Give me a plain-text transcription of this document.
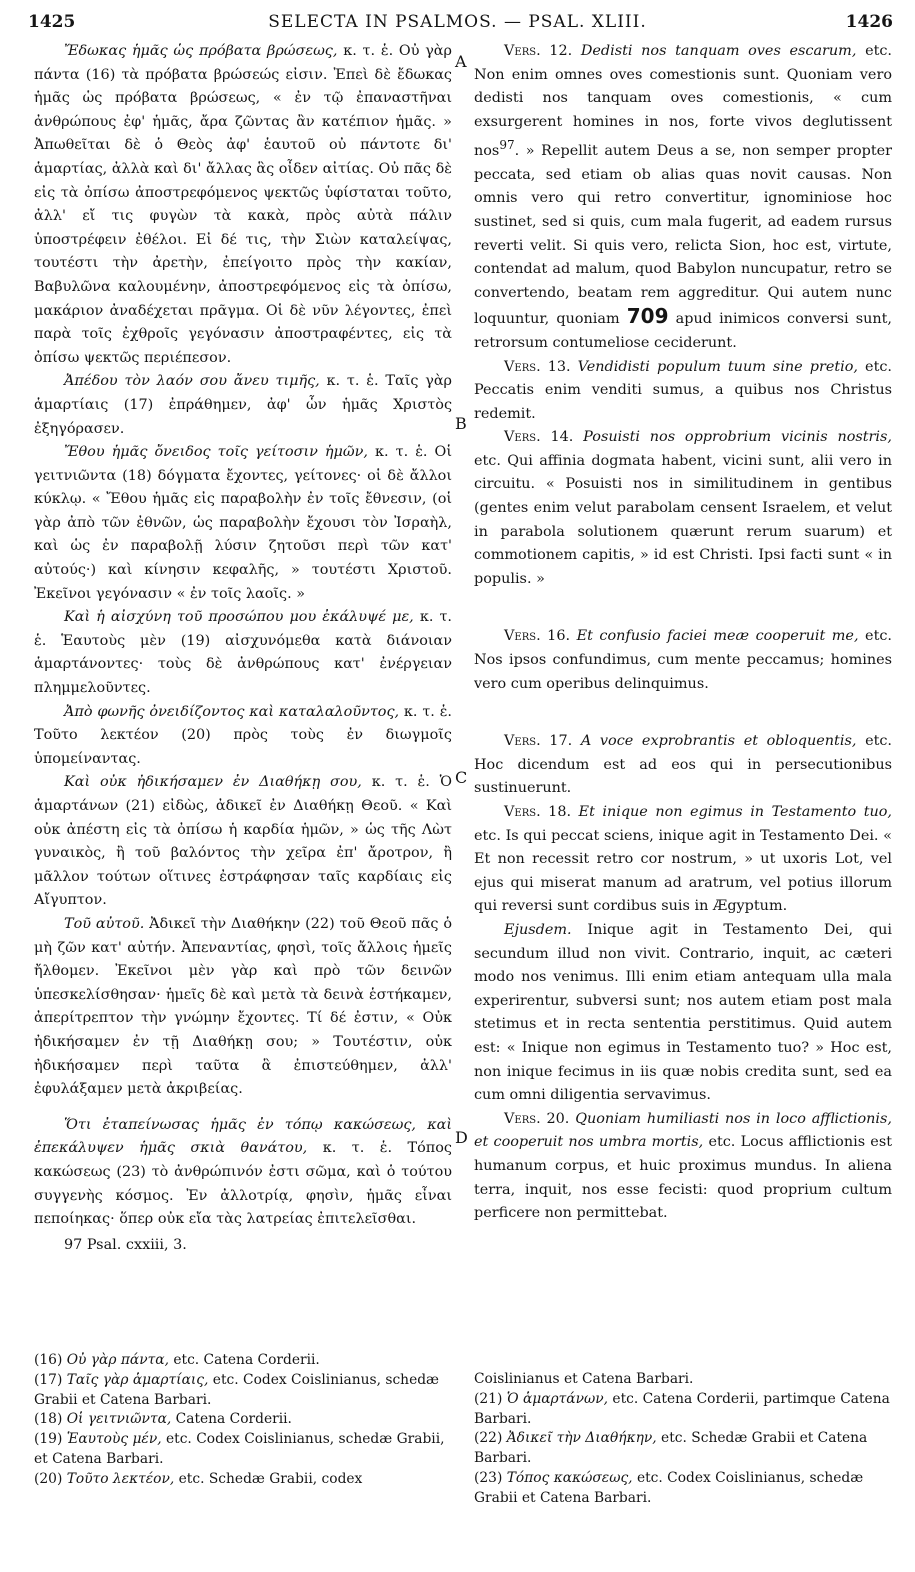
1425	SELECTA IN PSALMOS. — PSAL. XLIII.	1426
A
B
C
D

Ἔδωκας ἡμᾶς ὡς πρόβατα βρώσεως, κ. τ. ἑ. Οὐ γὰρ πάντα (16) τὰ πρόβατα βρώσεώς εἰσιν. Ἐπεὶ δὲ ἔδωκας ἡμᾶς ὡς πρόβατα βρώσεως, « ἐν τῷ ἐπαναστῆναι ἀνθρώπους ἐφ' ἡμᾶς, ἄρα ζῶντας ἂν κατέπιον ἡμᾶς. » Ἀπωθεῖται δὲ ὁ Θεὸς ἀφ' ἑαυτοῦ οὐ πάντοτε δι' ἁμαρτίας, ἀλλὰ καὶ δι' ἄλλας ἃς οἶδεν αἰτίας. Οὐ πᾶς δὲ εἰς τὰ ὀπίσω ἀποστρεφόμενος ψεκτῶς ὑφίσταται τοῦτο, ἀλλ' εἴ τις φυγὼν τὰ κακὰ, πρὸς αὐτὰ πάλιν ὑποστρέφειν ἐθέλοι. Εἰ δέ τις, τὴν Σιὼν καταλείψας, τουτέστι τὴν ἀρετὴν, ἐπείγοιτο πρὸς τὴν κακίαν, Βαβυλῶνα καλουμένην, ἀποστρεφόμενος εἰς τὰ ὀπίσω, μακάριον ἀναδέχεται πρᾶγμα. Οἱ δὲ νῦν λέγοντες, ἐπεὶ παρὰ τοῖς ἐχθροῖς γεγόνασιν ἀποστραφέντες, εἰς τὰ ὀπίσω ψεκτῶς περιέπεσον.

Ἀπέδου τὸν λαόν σου ἄνευ τιμῆς, κ. τ. ἑ. Ταῖς γὰρ ἁμαρτίαις (17) ἐπράθημεν, ἀφ' ὧν ἡμᾶς Χριστὸς ἐξηγόρασεν.

Ἔθου ἡμᾶς ὄνειδος τοῖς γείτοσιν ἡμῶν, κ. τ. ἑ. Οἱ γειτνιῶντα (18) δόγματα ἔχοντες, γείτονες· οἱ δὲ ἄλλοι κύκλῳ. « Ἔθου ἡμᾶς εἰς παραβολὴν ἐν τοῖς ἔθνεσιν, (οἱ γὰρ ἀπὸ τῶν ἐθνῶν, ὡς παραβολὴν ἔχουσι τὸν Ἰσραὴλ, καὶ ὡς ἐν παραβολῇ λύσιν ζητοῦσι περὶ τῶν κατ' αὐτούς·) καὶ κίνησιν κεφαλῆς, » τουτέστι Χριστοῦ. Ἐκεῖνοι γεγόνασιν « ἐν τοῖς λαοῖς. »

Καὶ ἡ αἰσχύνη τοῦ προσώπου μου ἐκάλυψέ με, κ. τ. ἑ. Ἑαυτοὺς μὲν (19) αἰσχυνόμεθα κατὰ διάνοιαν ἁμαρτάνοντες· τοὺς δὲ ἀνθρώπους κατ' ἐνέργειαν πλημμελοῦντες.

Ἀπὸ φωνῆς ὀνειδίζοντος καὶ καταλαλοῦντος, κ. τ. ἑ. Τοῦτο λεκτέον (20) πρὸς τοὺς ἐν διωγμοῖς ὑπομείναντας.

Καὶ οὐκ ἠδικήσαμεν ἐν Διαθήκῃ σου, κ. τ. ἑ. Ὁ ἁμαρτάνων (21) εἰδὼς, ἀδικεῖ ἐν Διαθήκῃ Θεοῦ. « Καὶ οὐκ ἀπέστη εἰς τὰ ὀπίσω ἡ καρδία ἡμῶν, » ὡς τῆς Λὼτ γυναικὸς, ἢ τοῦ βαλόντος τὴν χεῖρα ἐπ' ἄροτρον, ἢ μᾶλλον τούτων οἵτινες ἐστράφησαν ταῖς καρδίαις εἰς Αἴγυπτον.

Τοῦ αὐτοῦ. Ἀδικεῖ τὴν Διαθήκην (22) τοῦ Θεοῦ πᾶς ὁ μὴ ζῶν κατ' αὐτήν. Ἀπεναντίας, φησὶ, τοῖς ἄλλοις ἡμεῖς ἤλθομεν. Ἐκεῖνοι μὲν γὰρ καὶ πρὸ τῶν δεινῶν ὑπεσκελίσθησαν· ἡμεῖς δὲ καὶ μετὰ τὰ δεινὰ ἑστήκαμεν, ἀπερίτρεπτον τὴν γνώμην ἔχοντες. Τί δέ ἐστιν, « Οὐκ ἠδικήσαμεν ἐν τῇ Διαθήκῃ σου; » Τουτέστιν, οὐκ ἠδικήσαμεν περὶ ταῦτα ἃ ἐπιστεύθημεν, ἀλλ' ἐφυλάξαμεν μετὰ ἀκριβείας.

Ὅτι ἐταπείνωσας ἡμᾶς ἐν τόπῳ κακώσεως, καὶ ἐπεκάλυψεν ἡμᾶς σκιὰ θανάτου, κ. τ. ἑ. Τόπος κακώσεως (23) τὸ ἀνθρώπινόν ἐστι σῶμα, καὶ ὁ τούτου συγγενὴς κόσμος. Ἐν ἀλλοτρίᾳ, φησὶν, ἡμᾶς εἶναι πεποίηκας· ὅπερ οὐκ εἴα τὰς λατρείας ἐπιτελεῖσθαι.

97 Psal. cxxiii, 3.

Vers. 12. Dedisti nos tanquam oves escarum, etc. Non enim omnes oves comestionis sunt. Quoniam vero dedisti nos tanquam oves comestionis, « cum exsurgerent homines in nos, forte vivos deglutissent nos$^{97}$. » Repellit autem Deus a se, non semper propter peccata, sed etiam ob alias quas novit causas. Non omnis vero qui retro convertitur, ignominiose hoc sustinet, sed si quis, cum mala fugerit, ad eadem rursus reverti velit. Si quis vero, relicta Sion, hoc est, virtute, contendat ad malum, quod Babylon nuncupatur, retro se convertendo, beatam rem aggreditur. Qui autem nunc loquuntur, quoniam 709 apud inimicos conversi sunt, retrorsum contumeliose ceciderunt.

Vers. 13. Vendidisti populum tuum sine pretio, etc. Peccatis enim venditi sumus, a quibus nos Christus redemit.

Vers. 14. Posuisti nos opprobrium vicinis nostris, etc. Qui affinia dogmata habent, vicini sunt, alii vero in circuitu. « Posuisti nos in similitudinem in gentibus (gentes enim velut parabolam censent Israelem, et velut in parabola solutionem quærunt rerum suarum) et commotionem capitis, » id est Christi. Ipsi facti sunt « in populis. »

Vers. 16. Et confusio faciei meæ cooperuit me, etc. Nos ipsos confundimus, cum mente peccamus; homines vero cum operibus delinquimus.

Vers. 17. A voce exprobrantis et obloquentis, etc. Hoc dicendum est ad eos qui in persecutionibus sustinuerunt.

Vers. 18. Et inique non egimus in Testamento tuo, etc. Is qui peccat sciens, inique agit in Testamento Dei. « Et non recessit retro cor nostrum, » ut uxoris Lot, vel ejus qui miserat manum ad aratrum, vel potius illorum qui reversi sunt cordibus suis in Ægyptum.

Ejusdem. Inique agit in Testamento Dei, qui secundum illud non vivit. Contrario, inquit, ac cæteri modo nos venimus. Illi enim etiam antequam ulla mala experirentur, subversi sunt; nos autem etiam post mala stetimus et in recta sententia perstitimus. Quid autem est: « Inique non egimus in Testamento tuo? » Hoc est, non inique fecimus in iis quæ nobis credita sunt, sed ea cum omni diligentia servavimus.

Vers. 20. Quoniam humiliasti nos in loco afflictionis, et cooperuit nos umbra mortis, etc. Locus afflictionis est humanum corpus, et huic proximus mundus. In aliena terra, inquit, nos esse fecisti: quod proprium cultum perficere non permittebat.

(16) Οὐ γὰρ πάντα, etc. Catena Corderii.

(17) Ταῖς γὰρ ἁμαρτίαις, etc. Codex Coislinianus, schedæ Grabii et Catena Barbari.

(18) Οἱ γειτνιῶντα, Catena Corderii.

(19) Ἑαυτοὺς μέν, etc. Codex Coislinianus, schedæ Grabii, et Catena Barbari.

(20) Τοῦτο λεκτέον, etc. Schedæ Grabii, codex

Coislinianus et Catena Barbari.

(21) Ὁ ἁμαρτάνων, etc. Catena Corderii, partimque Catena Barbari.

(22) Ἀδικεῖ τὴν Διαθήκην, etc. Schedæ Grabii et Catena Barbari.

(23) Τόπος κακώσεως, etc. Codex Coislinianus, schedæ Grabii et Catena Barbari.
